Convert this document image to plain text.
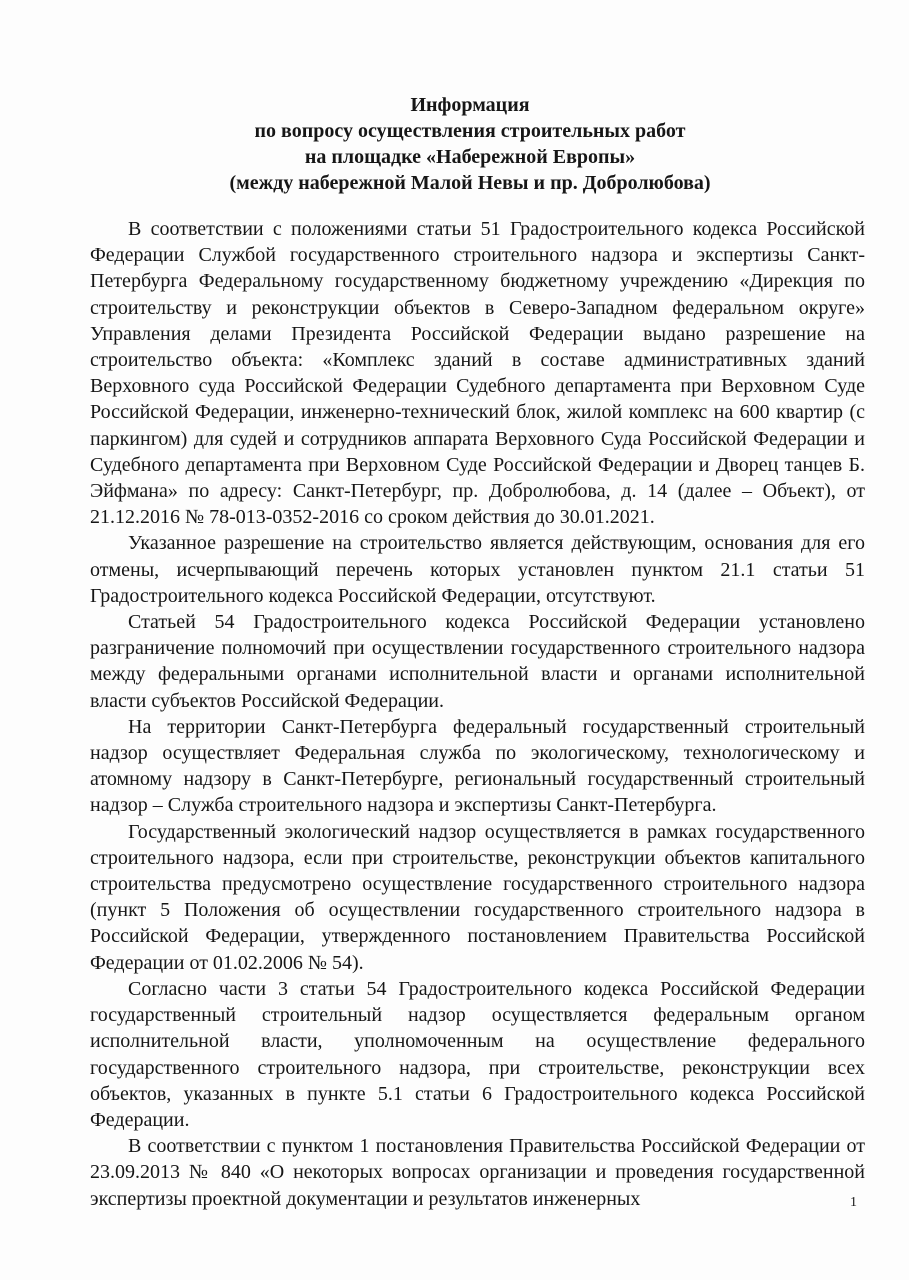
Информация
по вопросу осуществления строительных работ
на площадке «Набережной Европы»
(между набережной Малой Невы и пр. Добролюбова)

В соответствии с положениями статьи 51 Градостроительного кодекса Российской Федерации Службой государственного строительного надзора и экспертизы Санкт-Петербурга Федеральному государственному бюджетному учреждению «Дирекция по строительству и реконструкции объектов в Северо-Западном федеральном округе» Управления делами Президента Российской Федерации выдано разрешение на строительство объекта: «Комплекс зданий в составе административных зданий Верховного суда Российской Федерации Судебного департамента при Верховном Суде Российской Федерации, инженерно-технический блок, жилой комплекс на 600 квартир (с паркингом) для судей и сотрудников аппарата Верховного Суда Российской Федерации и Судебного департамента при Верховном Суде Российской Федерации и Дворец танцев Б. Эйфмана» по адресу: Санкт-Петербург, пр. Добролюбова, д. 14 (далее – Объект), от 21.12.2016 № 78-013-0352-2016 со сроком действия до 30.01.2021.

Указанное разрешение на строительство является действующим, основания для его отмены, исчерпывающий перечень которых установлен пунктом 21.1 статьи 51 Градостроительного кодекса Российской Федерации, отсутствуют.

Статьей 54 Градостроительного кодекса Российской Федерации установлено разграничение полномочий при осуществлении государственного строительного надзора между федеральными органами исполнительной власти и органами исполнительной власти субъектов Российской Федерации.

На территории Санкт-Петербурга федеральный государственный строительный надзор осуществляет Федеральная служба по экологическому, технологическому и атомному надзору в Санкт-Петербурге, региональный государственный строительный надзор – Служба строительного надзора и экспертизы Санкт-Петербурга.

Государственный экологический надзор осуществляется в рамках государственного строительного надзора, если при строительстве, реконструкции объектов капитального строительства предусмотрено осуществление государственного строительного надзора (пункт 5 Положения об осуществлении государственного строительного надзора в Российской Федерации, утвержденного постановлением Правительства Российской Федерации от 01.02.2006 № 54).

Согласно части 3 статьи 54 Градостроительного кодекса Российской Федерации государственный строительный надзор осуществляется федеральным органом исполнительной власти, уполномоченным на осуществление федерального государственного строительного надзора, при строительстве, реконструкции всех объектов, указанных в пункте 5.1 статьи 6 Градостроительного кодекса Российской Федерации.

В соответствии с пунктом 1 постановления Правительства Российской Федерации от 23.09.2013 № 840 «О некоторых вопросах организации и проведения государственной экспертизы проектной документации и результатов инженерных	1
